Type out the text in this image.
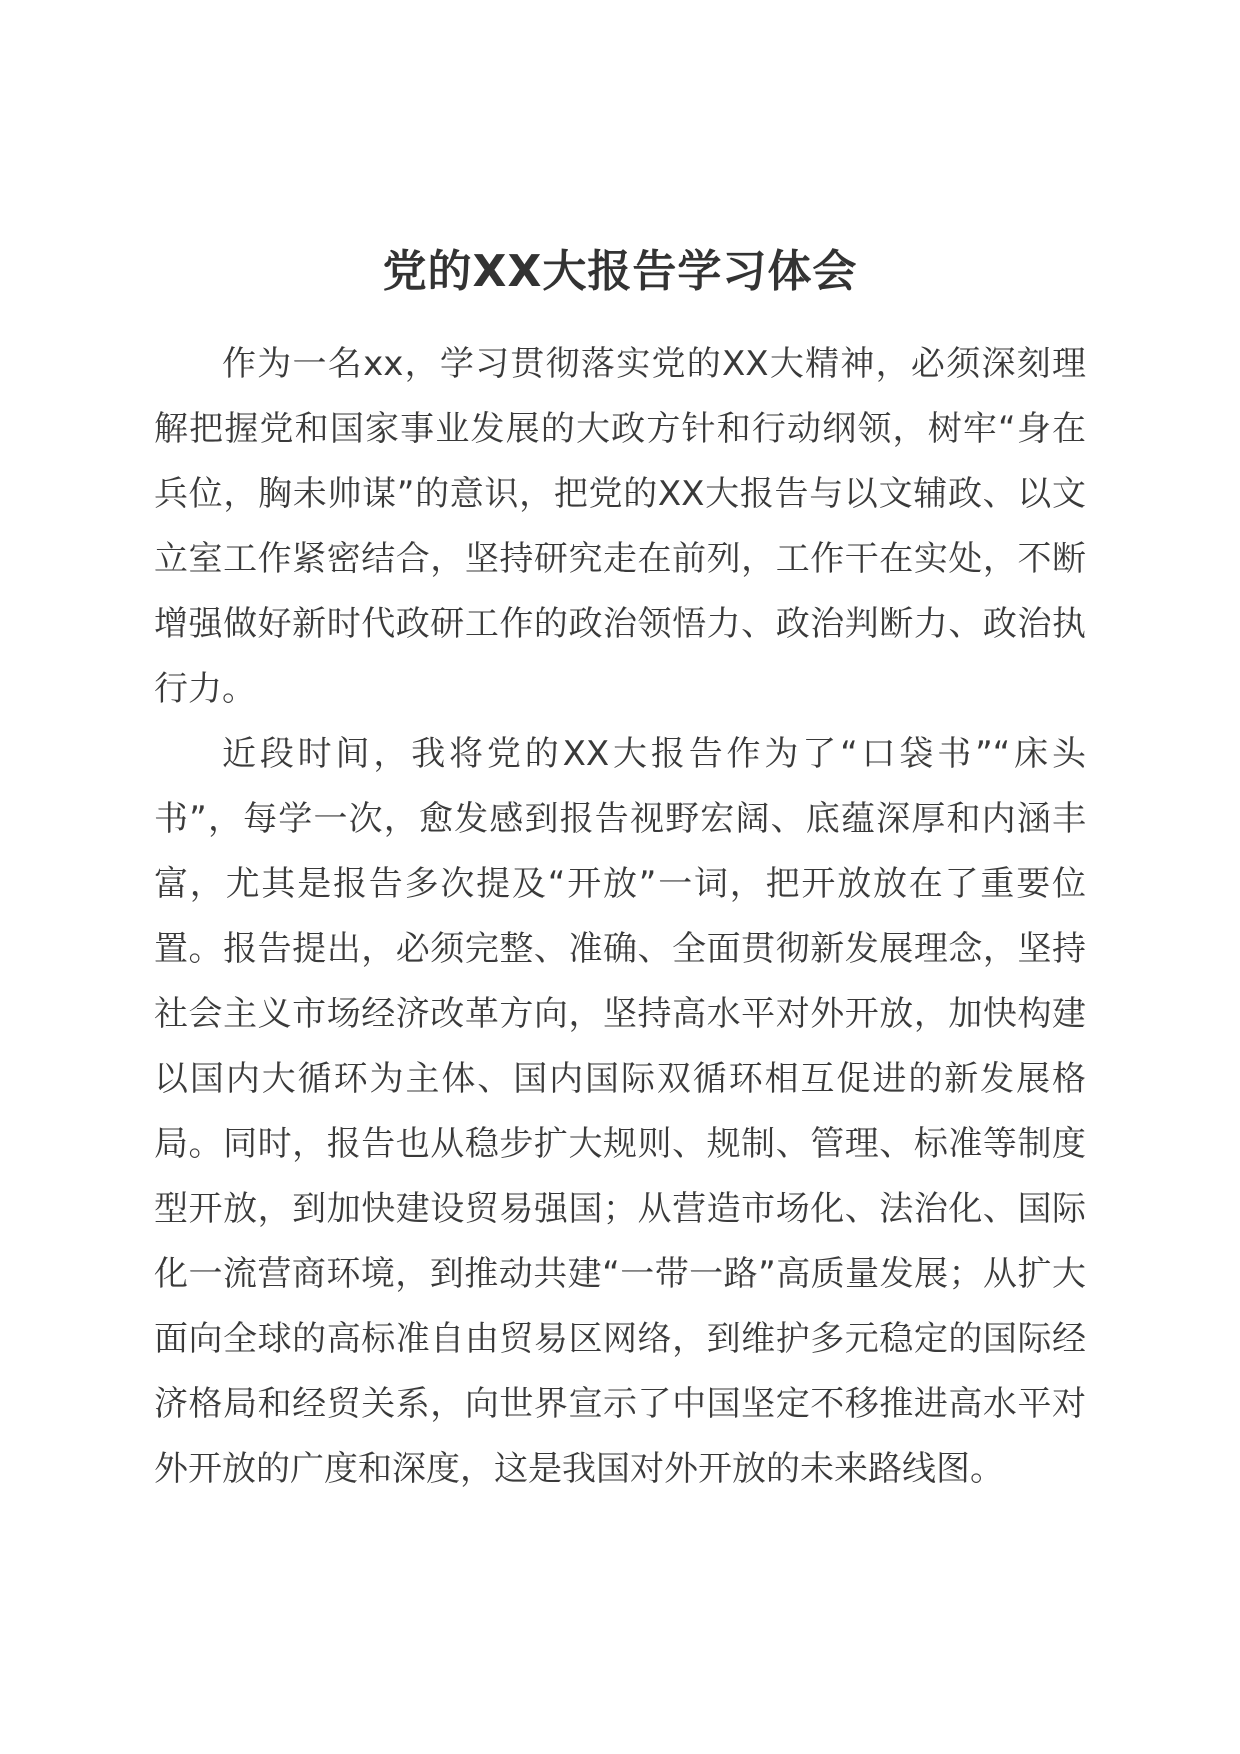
党的XX大报告学习体会

作为一名xx，学习贯彻落实党的XX大精神，必须深刻理解把握党和国家事业发展的大政方针和行动纲领，树牢“身在兵位，胸未帅谋”的意识，把党的XX大报告与以文辅政、以文立室工作紧密结合，坚持研究走在前列，工作干在实处，不断增强做好新时代政研工作的政治领悟力、政治判断力、政治执行力。

近段时间，我将党的XX大报告作为了“口袋书”“床头书”，每学一次，愈发感到报告视野宏阔、底蕴深厚和内涵丰富，尤其是报告多次提及“开放”一词，把开放放在了重要位置。报告提出，必须完整、准确、全面贯彻新发展理念，坚持社会主义市场经济改革方向，坚持高水平对外开放，加快构建以国内大循环为主体、国内国际双循环相互促进的新发展格局。同时，报告也从稳步扩大规则、规制、管理、标准等制度型开放，到加快建设贸易强国；从营造市场化、法治化、国际化一流营商环境，到推动共建“一带一路”高质量发展；从扩大面向全球的高标准自由贸易区网络，到维护多元稳定的国际经济格局和经贸关系，向世界宣示了中国坚定不移推进高水平对外开放的广度和深度，这是我国对外开放的未来路线图。
